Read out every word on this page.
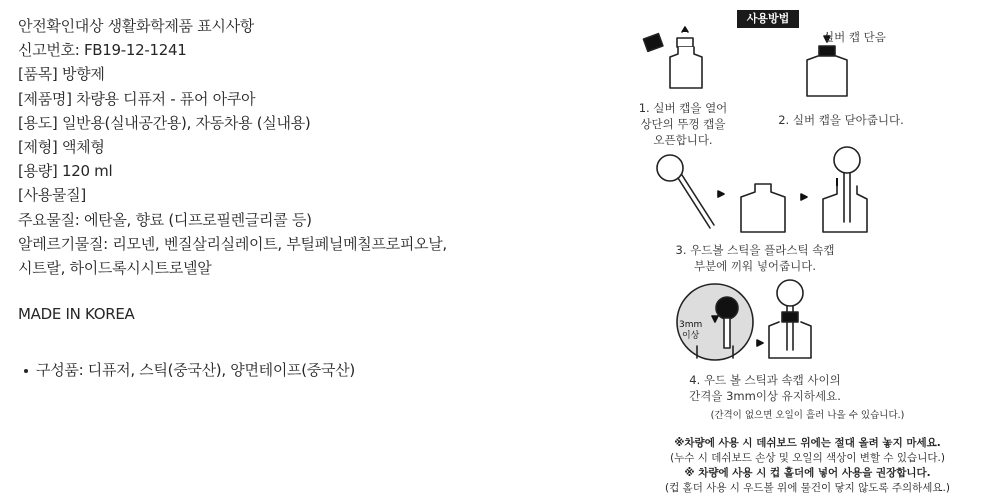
안전확인대상 생활화학제품 표시사항
신고번호: FB19-12-1241
[품목] 방향제
[제품명] 차량용 디퓨저 - 퓨어 아쿠아
[용도] 일반용(실내공간용), 자동차용 (실내용)
[제형] 액체형
[용량] 120 ml
[사용물질]
주요물질: 에탄올, 향료 (디프로필렌글리콜 등)
알레르기물질: 리모넨, 벤질살리실레이트, 부틸페닐메칠프로피오날,
시트랄, 하이드록시시트로넬알
MADE IN KOREA
구성품: 디퓨저, 스틱(중국산), 양면테이프(중국산)
사용방법
실버 캡 단음
1. 실버 캡을 열어
상단의 뚜껑 캡을
오픈합니다.
2. 실버 캡을 닫아줍니다.
3. 우드볼 스틱을 플라스틱 속캡
부분에 끼워 넣어줍니다.
3mm
이상
4. 우드 볼 스틱과 속캡 사이의
간격을 3mm이상 유지하세요.
(간격이 없으면 오일이 흘러 나올 수 있습니다.)
※차량에 사용 시 데쉬보드 위에는 절대 올려 놓지 마세요.
(누수 시 데쉬보드 손상 및 오일의 색상이 변할 수 있습니다.)
※ 차량에 사용 시 컵 홀더에 넣어 사용을 권장합니다.
(컵 홀더 사용 시 우드볼 위에 물건이 닿지 않도록 주의하세요.)
